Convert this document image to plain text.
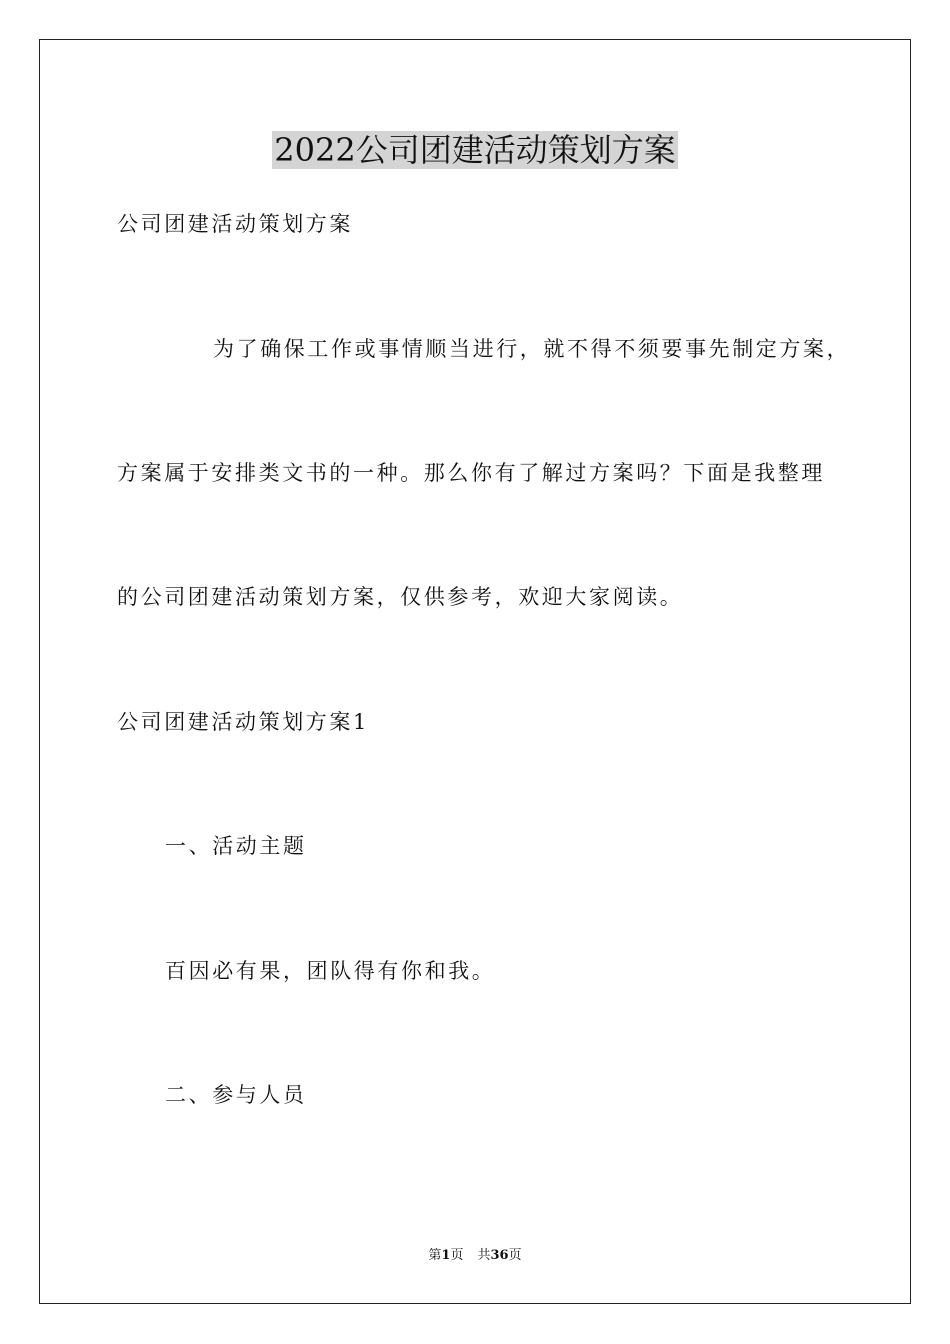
2022公司团建活动策划方案

公司团建活动策划方案

为了确保工作或事情顺当进行，就不得不须要事先制定方案，

方案属于安排类文书的一种。那么你有了解过方案吗？下面是我整理

的公司团建活动策划方案，仅供参考，欢迎大家阅读。

公司团建活动策划方案1

一、活动主题

百因必有果，团队得有你和我。

二、参与人员

第1页 共36页
